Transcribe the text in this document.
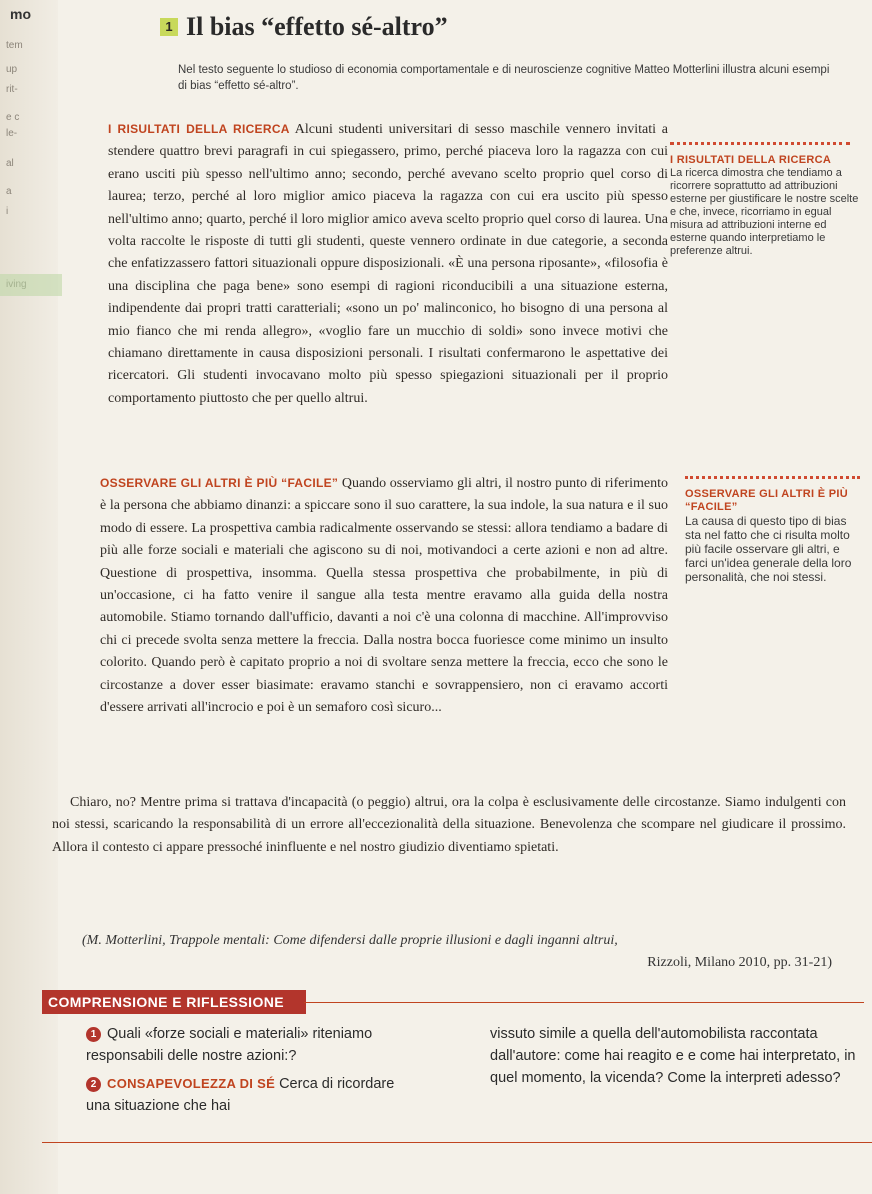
mo
tem
up
rit-
e c
le-
al
a
i
iving
1 Il bias “effetto sé-altro”
Nel testo seguente lo studioso di economia comportamentale e di neuroscienze cognitive Matteo Motterlini illustra alcuni esempi di bias “effetto sé-altro”.

I RISULTATI DELLA RICERCA Alcuni studenti universitari di sesso maschile vennero invitati a stendere quattro brevi paragrafi in cui spiegassero, primo, perché piaceva loro la ragazza con cui erano usciti più spesso nell'ultimo anno; secondo, perché avevano scelto proprio quel corso di laurea; terzo, perché al loro miglior amico piaceva la ragazza con cui era uscito più spesso nell'ultimo anno; quarto, perché il loro miglior amico aveva scelto proprio quel corso di laurea. Una volta raccolte le risposte di tutti gli studenti, queste vennero ordinate in due categorie, a seconda che enfatizzassero fattori situazionali oppure disposizionali. «È una persona riposante», «filosofia è una disciplina che paga bene» sono esempi di ragioni riconducibili a una situazione esterna, indipendente dai propri tratti caratteriali; «sono un po' malinconico, ho bisogno di una persona al mio fianco che mi renda allegro», «voglio fare un mucchio di soldi» sono invece motivi che chiamano direttamente in causa disposizioni personali. I risultati confermarono le aspettative dei ricercatori. Gli studenti invocavano molto più spesso spiegazioni situazionali per il proprio comportamento piuttosto che per quello altrui.

OSSERVARE GLI ALTRI È PIÙ “FACILE” Quando osserviamo gli altri, il nostro punto di riferimento è la persona che abbiamo dinanzi: a spiccare sono il suo carattere, la sua indole, la sua natura e il suo modo di essere. La prospettiva cambia radicalmente osservando se stessi: allora tendiamo a badare di più alle forze sociali e materiali che agiscono su di noi, motivandoci a certe azioni e non ad altre. Questione di prospettiva, insomma. Quella stessa prospettiva che probabilmente, in più di un'occasione, ci ha fatto venire il sangue alla testa mentre eravamo alla guida della nostra automobile. Stiamo tornando dall'ufficio, davanti a noi c'è una colonna di macchine. All'improvviso chi ci precede svolta senza mettere la freccia. Dalla nostra bocca fuoriesce come minimo un insulto colorito. Quando però è capitato proprio a noi di svoltare senza mettere la freccia, ecco che sono le circostanze a dover esser biasimate: eravamo stanchi e sovrappensiero, non ci eravamo accorti d'essere arrivati all'incrocio e poi è un semaforo così sicuro...

Chiaro, no? Mentre prima si trattava d'incapacità (o peggio) altrui, ora la colpa è esclusivamente delle circostanze. Siamo indulgenti con noi stessi, scaricando la responsabilità di un errore all'eccezionalità della situazione. Benevolenza che scompare nel giudicare il prossimo. Allora il contesto ci appare pressoché ininfluente e nel nostro giudizio diventiamo spietati.

(M. Motterlini, Trappole mentali: Come difendersi dalle proprie illusioni e dagli inganni altrui,
Rizzoli, Milano 2010, pp. 31-21)
I RISULTATI DELLA RICERCA
La ricerca dimostra che tendiamo a ricorrere soprattutto ad attribuzioni esterne per giustificare le nostre scelte e che, invece, ricorriamo in egual misura ad attribuzioni interne ed esterne quando interpretiamo le preferenze altrui.
OSSERVARE GLI ALTRI È PIÙ “FACILE”
La causa di questo tipo di bias sta nel fatto che ci risulta molto più facile osservare gli altri, e farci un'idea generale della loro personalità, che noi stessi.
COMPRENSIONE E RIFLESSIONE
1 Quali «forze sociali e materiali» riteniamo responsabili delle nostre azioni:?
2 CONSAPEVOLEZZA DI SÉ Cerca di ricordare una situazione che hai
vissuto simile a quella dell'automobilista raccontata dall'autore: come hai reagito e e come hai interpretato, in quel momento, la vicenda? Come la interpreti adesso?
